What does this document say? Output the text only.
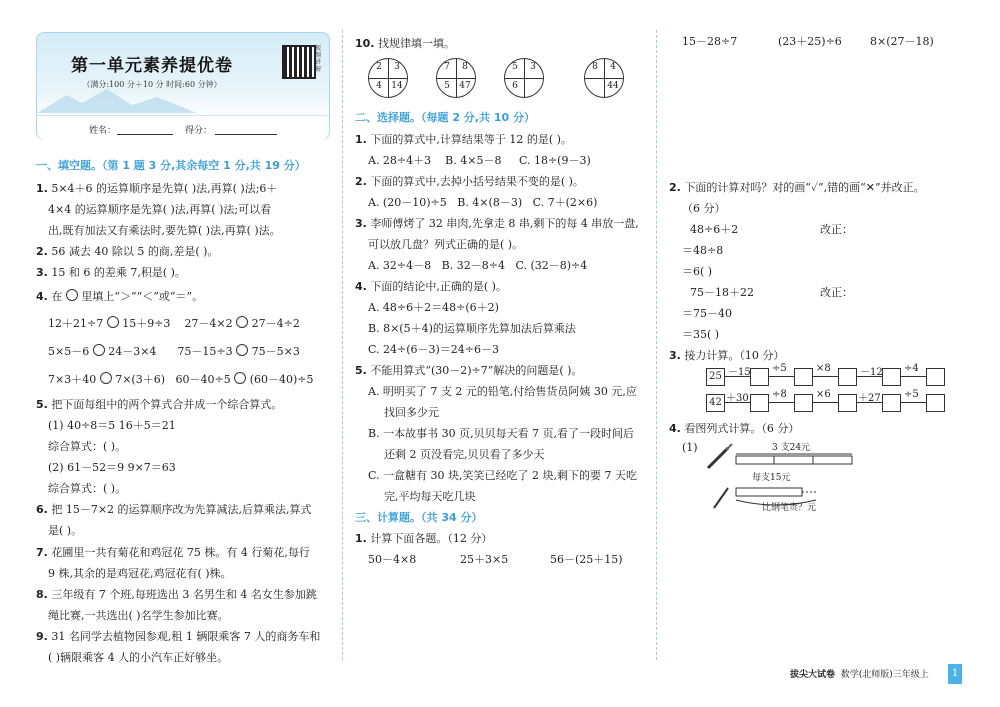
第一单元素养提优卷
（满分:100 分＋10 分 时间:60 分钟）
视频讲解
姓名：	得分：
一、填空题。（第 1 题 3 分,其余每空 1 分,共 19 分）
1. 5×4＋6 的运算顺序是先算( )法,再算( )法;6＋
4×4 的运算顺序是先算( )法,再算( )法;可以看
出,既有加法又有乘法时,要先算( )法,再算( )法。
2. 56 减去 40 除以 5 的商,差是( )。
3. 15 和 6 的差乘 7,积是( )。
4. 在 里填上“＞”“＜”或“＝”。
12＋21÷7 15＋9÷3 27－4×2 27－4÷2
5×5－6 24－3×4 75－15÷3 75－5×3
7×3＋40 7×(3＋6) 60－40÷5 (60－40)÷5
5. 把下面每组中的两个算式合并成一个综合算式。
(1) 40÷8＝5 16＋5＝21
综合算式：( )。
(2) 61－52＝9 9×7＝63
综合算式：( )。
6. 把 15－7×2 的运算顺序改为先算减法,后算乘法,算式
是( )。
7. 花圃里一共有菊花和鸡冠花 75 株。有 4 行菊花,每行
9 株,其余的是鸡冠花,鸡冠花有( )株。
8. 三年级有 7 个班,每班选出 3 名男生和 4 名女生参加跳
绳比赛,一共选出( )名学生参加比赛。
9. 31 名同学去植物园参观,租 1 辆限乘客 7 人的商务车和
( )辆限乘客 4 人的小汽车正好够坐。
10. 找规律填一填。
2	3
4	14
7	8
5	47
5	3
6
8	4
44
二、选择题。（每题 2 分,共 10 分）
1. 下面的算式中,计算结果等于 12 的是( )。
A. 28÷4＋3 B. 4×5－8 C. 18÷(9－3)
2. 下面的算式中,去掉小括号结果不变的是( )。
A. (20－10)÷5 B. 4×(8－3) C. 7＋(2×6)
3. 李师傅烤了 32 串肉,先拿走 8 串,剩下的每 4 串放一盘,
可以放几盘？列式正确的是( )。
A. 32÷4－8 B. 32－8÷4 C. (32－8)÷4
4. 下面的结论中,正确的是( )。
A. 48÷6＋2＝48÷(6＋2)
B. 8×(5＋4)的运算顺序先算加法后算乘法
C. 24÷(6－3)＝24÷6－3
5. 不能用算式“(30－2)÷7”解决的问题是( )。
A. 明明买了 7 支 2 元的铅笔,付给售货员阿姨 30 元,应
找回多少元
B. 一本故事书 30 页,贝贝每天看 7 页,看了一段时间后
还剩 2 页没看完,贝贝看了多少天
C. 一盒糖有 30 块,笑笑已经吃了 2 块,剩下的要 7 天吃
完,平均每天吃几块
三、计算题。（共 34 分）
1. 计算下面各题。（12 分）
50－4×8	25＋3×5	56－(25＋15)
15－28÷7	(23＋25)÷6	8×(27－18)
2. 下面的计算对吗？对的画“✓”,错的画“✕”并改正。
（6 分）
48÷6＋2	改正：
＝48÷8
＝6( )
75－18＋22	改正：
＝75－40
＝35( )
3. 接力计算。（10 分）
25 －15 ÷5	×8	－12 ÷4
42 ＋30 ÷8	×6	＋27 ÷5
4. 看图列式计算。（6 分）
(1)	3 支24元
每支15元
比钢笔贵？元
拔尖大试卷 数学(北师版)三年级上	1
